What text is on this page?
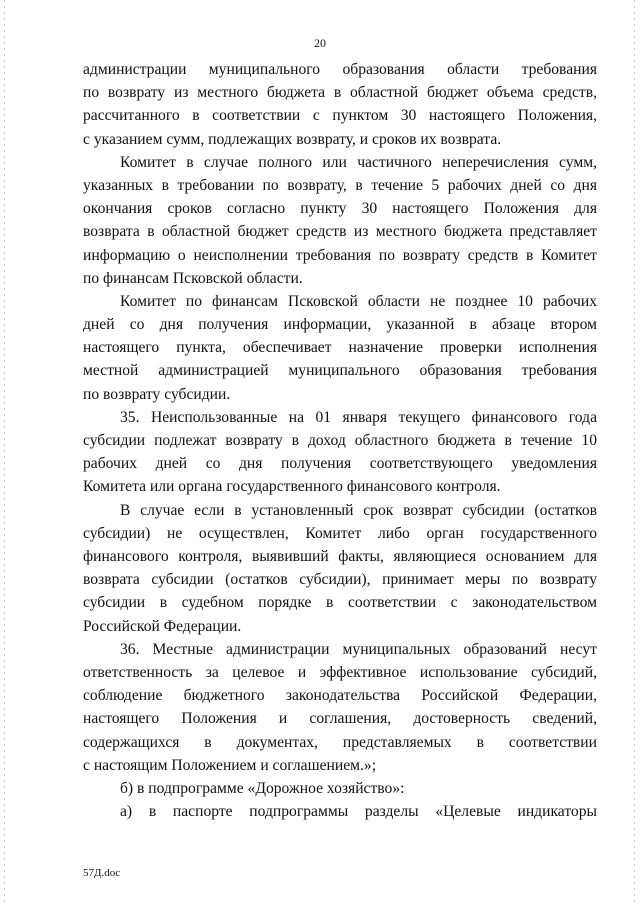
20
администрации муниципального образования области требования
по возврату из местного бюджета в областной бюджет объема средств,
рассчитанного в соответствии с пунктом 30 настоящего Положения,
с указанием сумм, подлежащих возврату, и сроков их возврата.
Комитет в случае полного или частичного неперечисления сумм,
указанных в требовании по возврату, в течение 5 рабочих дней со дня
окончания сроков согласно пункту 30 настоящего Положения для
возврата в областной бюджет средств из местного бюджета представляет
информацию о неисполнении требования по возврату средств в Комитет
по финансам Псковской области.
Комитет по финансам Псковской области не позднее 10 рабочих
дней со дня получения информации, указанной в абзаце втором
настоящего пункта, обеспечивает назначение проверки исполнения
местной администрацией муниципального образования требования
по возврату субсидии.
35. Неиспользованные на 01 января текущего финансового года
субсидии подлежат возврату в доход областного бюджета в течение 10
рабочих дней со дня получения соответствующего уведомления
Комитета или органа государственного финансового контроля.
В случае если в установленный срок возврат субсидии (остатков
субсидии) не осуществлен, Комитет либо орган государственного
финансового контроля, выявивший факты, являющиеся основанием для
возврата субсидии (остатков субсидии), принимает меры по возврату
субсидии в судебном порядке в соответствии с законодательством
Российской Федерации.
36. Местные администрации муниципальных образований несут
ответственность за целевое и эффективное использование субсидий,
соблюдение бюджетного законодательства Российской Федерации,
настоящего Положения и соглашения, достоверность сведений,
содержащихся в документах, представляемых в соответствии
с настоящим Положением и соглашением.»;
б) в подпрограмме «Дорожное хозяйство»:
а) в паспорте подпрограммы разделы «Целевые индикаторы
57Д.doc
